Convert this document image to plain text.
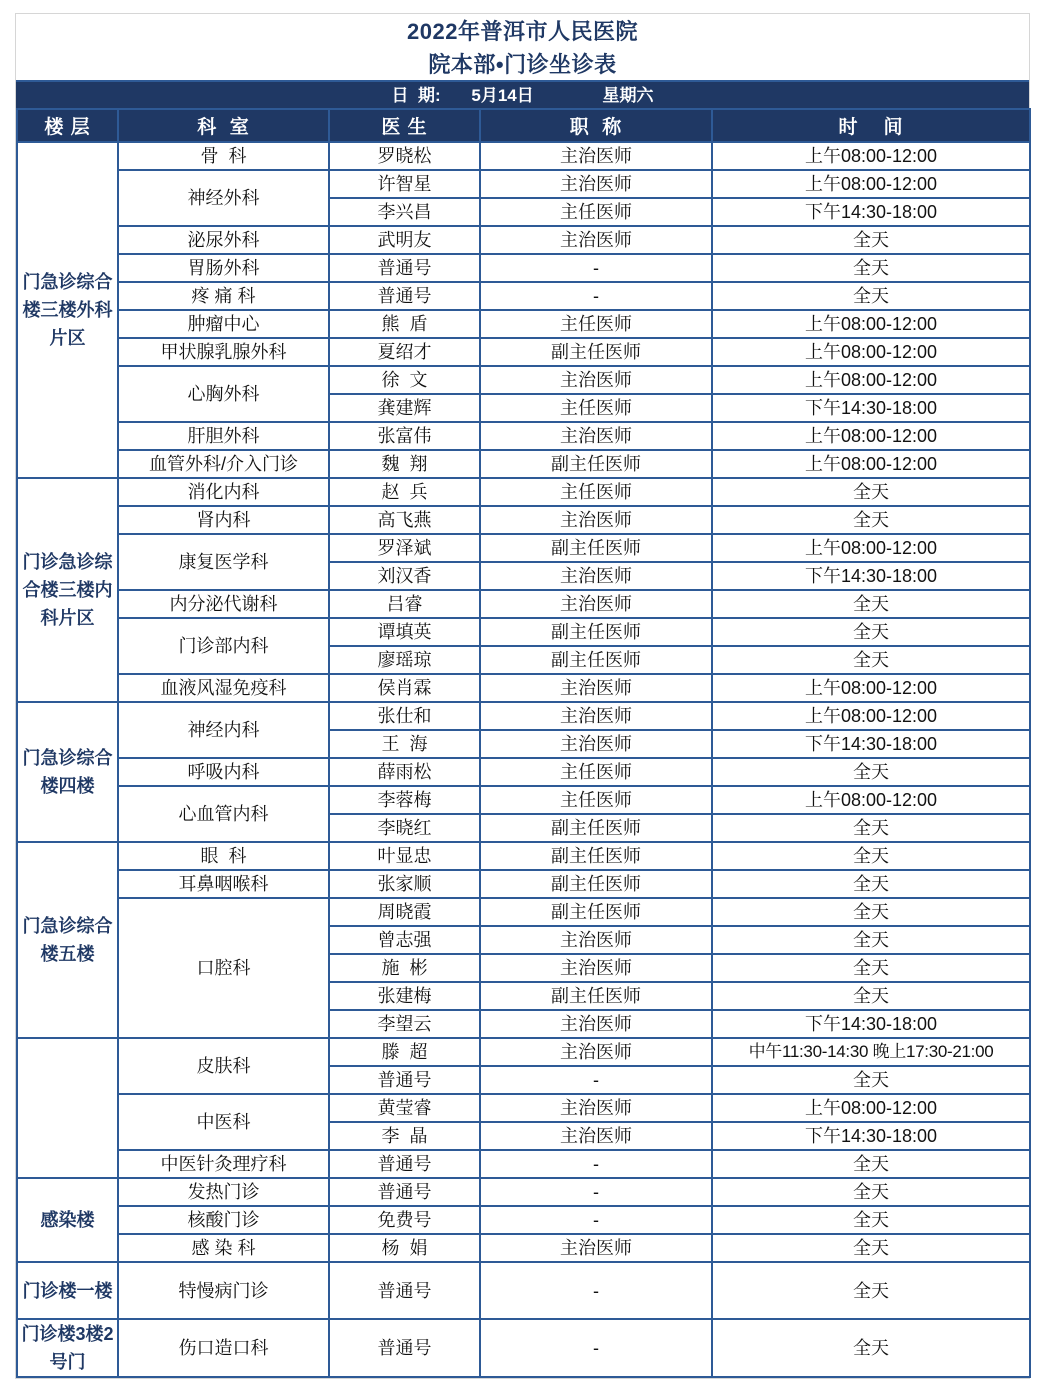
2022年普洱市人民医院
院本部•门诊坐诊表
日  期: 5月14日	星期六
楼 层	科  室	医 生	职  称	时    间
门急诊综合楼三楼外科片区	骨  科	罗晓松	主治医师	上午08:00-12:00
	神经外科	许智星	主治医师	上午08:00-12:00
		李兴昌	主任医师	下午14:30-18:00
	泌尿外科	武明友	主治医师	全天
	胃肠外科	普通号	-	全天
	疼 痛 科	普通号	-	全天
	肿瘤中心	熊  盾	主任医师	上午08:00-12:00
	甲状腺乳腺外科	夏绍才	副主任医师	上午08:00-12:00
	心胸外科	徐  文	主治医师	上午08:00-12:00
		龚建辉	主任医师	下午14:30-18:00
	肝胆外科	张富伟	主治医师	上午08:00-12:00
	血管外科/介入门诊	魏  翔	副主任医师	上午08:00-12:00
门诊急诊综合楼三楼内科片区	消化内科	赵  兵	主任医师	全天
	肾内科	高飞燕	主治医师	全天
	康复医学科	罗泽斌	副主任医师	上午08:00-12:00
		刘汉香	主治医师	下午14:30-18:00
	内分泌代谢科	吕睿	主治医师	全天
	门诊部内科	谭填英	副主任医师	全天
		廖瑶琼	副主任医师	全天
	血液风湿免疫科	侯肖霖	主治医师	上午08:00-12:00
门急诊综合楼四楼	神经内科	张仕和	主治医师	上午08:00-12:00
		王  海	主治医师	下午14:30-18:00
	呼吸内科	薛雨松	主任医师	全天
	心血管内科	李蓉梅	主任医师	上午08:00-12:00
		李晓红	副主任医师	全天
门急诊综合楼五楼	眼  科	叶显忠	副主任医师	全天
	耳鼻咽喉科	张家顺	副主任医师	全天
	口腔科	周晓霞	副主任医师	全天
		曾志强	主治医师	全天
		施  彬	主治医师	全天
		张建梅	副主任医师	全天
		李望云	主治医师	下午14:30-18:00
	皮肤科	滕  超	主治医师	中午11:30-14:30 晚上17:30-21:00
		普通号	-	全天
	中医科	黄莹睿	主治医师	上午08:00-12:00
		李  晶	主治医师	下午14:30-18:00
	中医针灸理疗科	普通号	-	全天
感染楼	发热门诊	普通号	-	全天
	核酸门诊	免费号	-	全天
	感 染 科	杨  娟	主治医师	全天
门诊楼一楼	特慢病门诊	普通号	-	全天
门诊楼3楼2号门	伤口造口科	普通号	-	全天
